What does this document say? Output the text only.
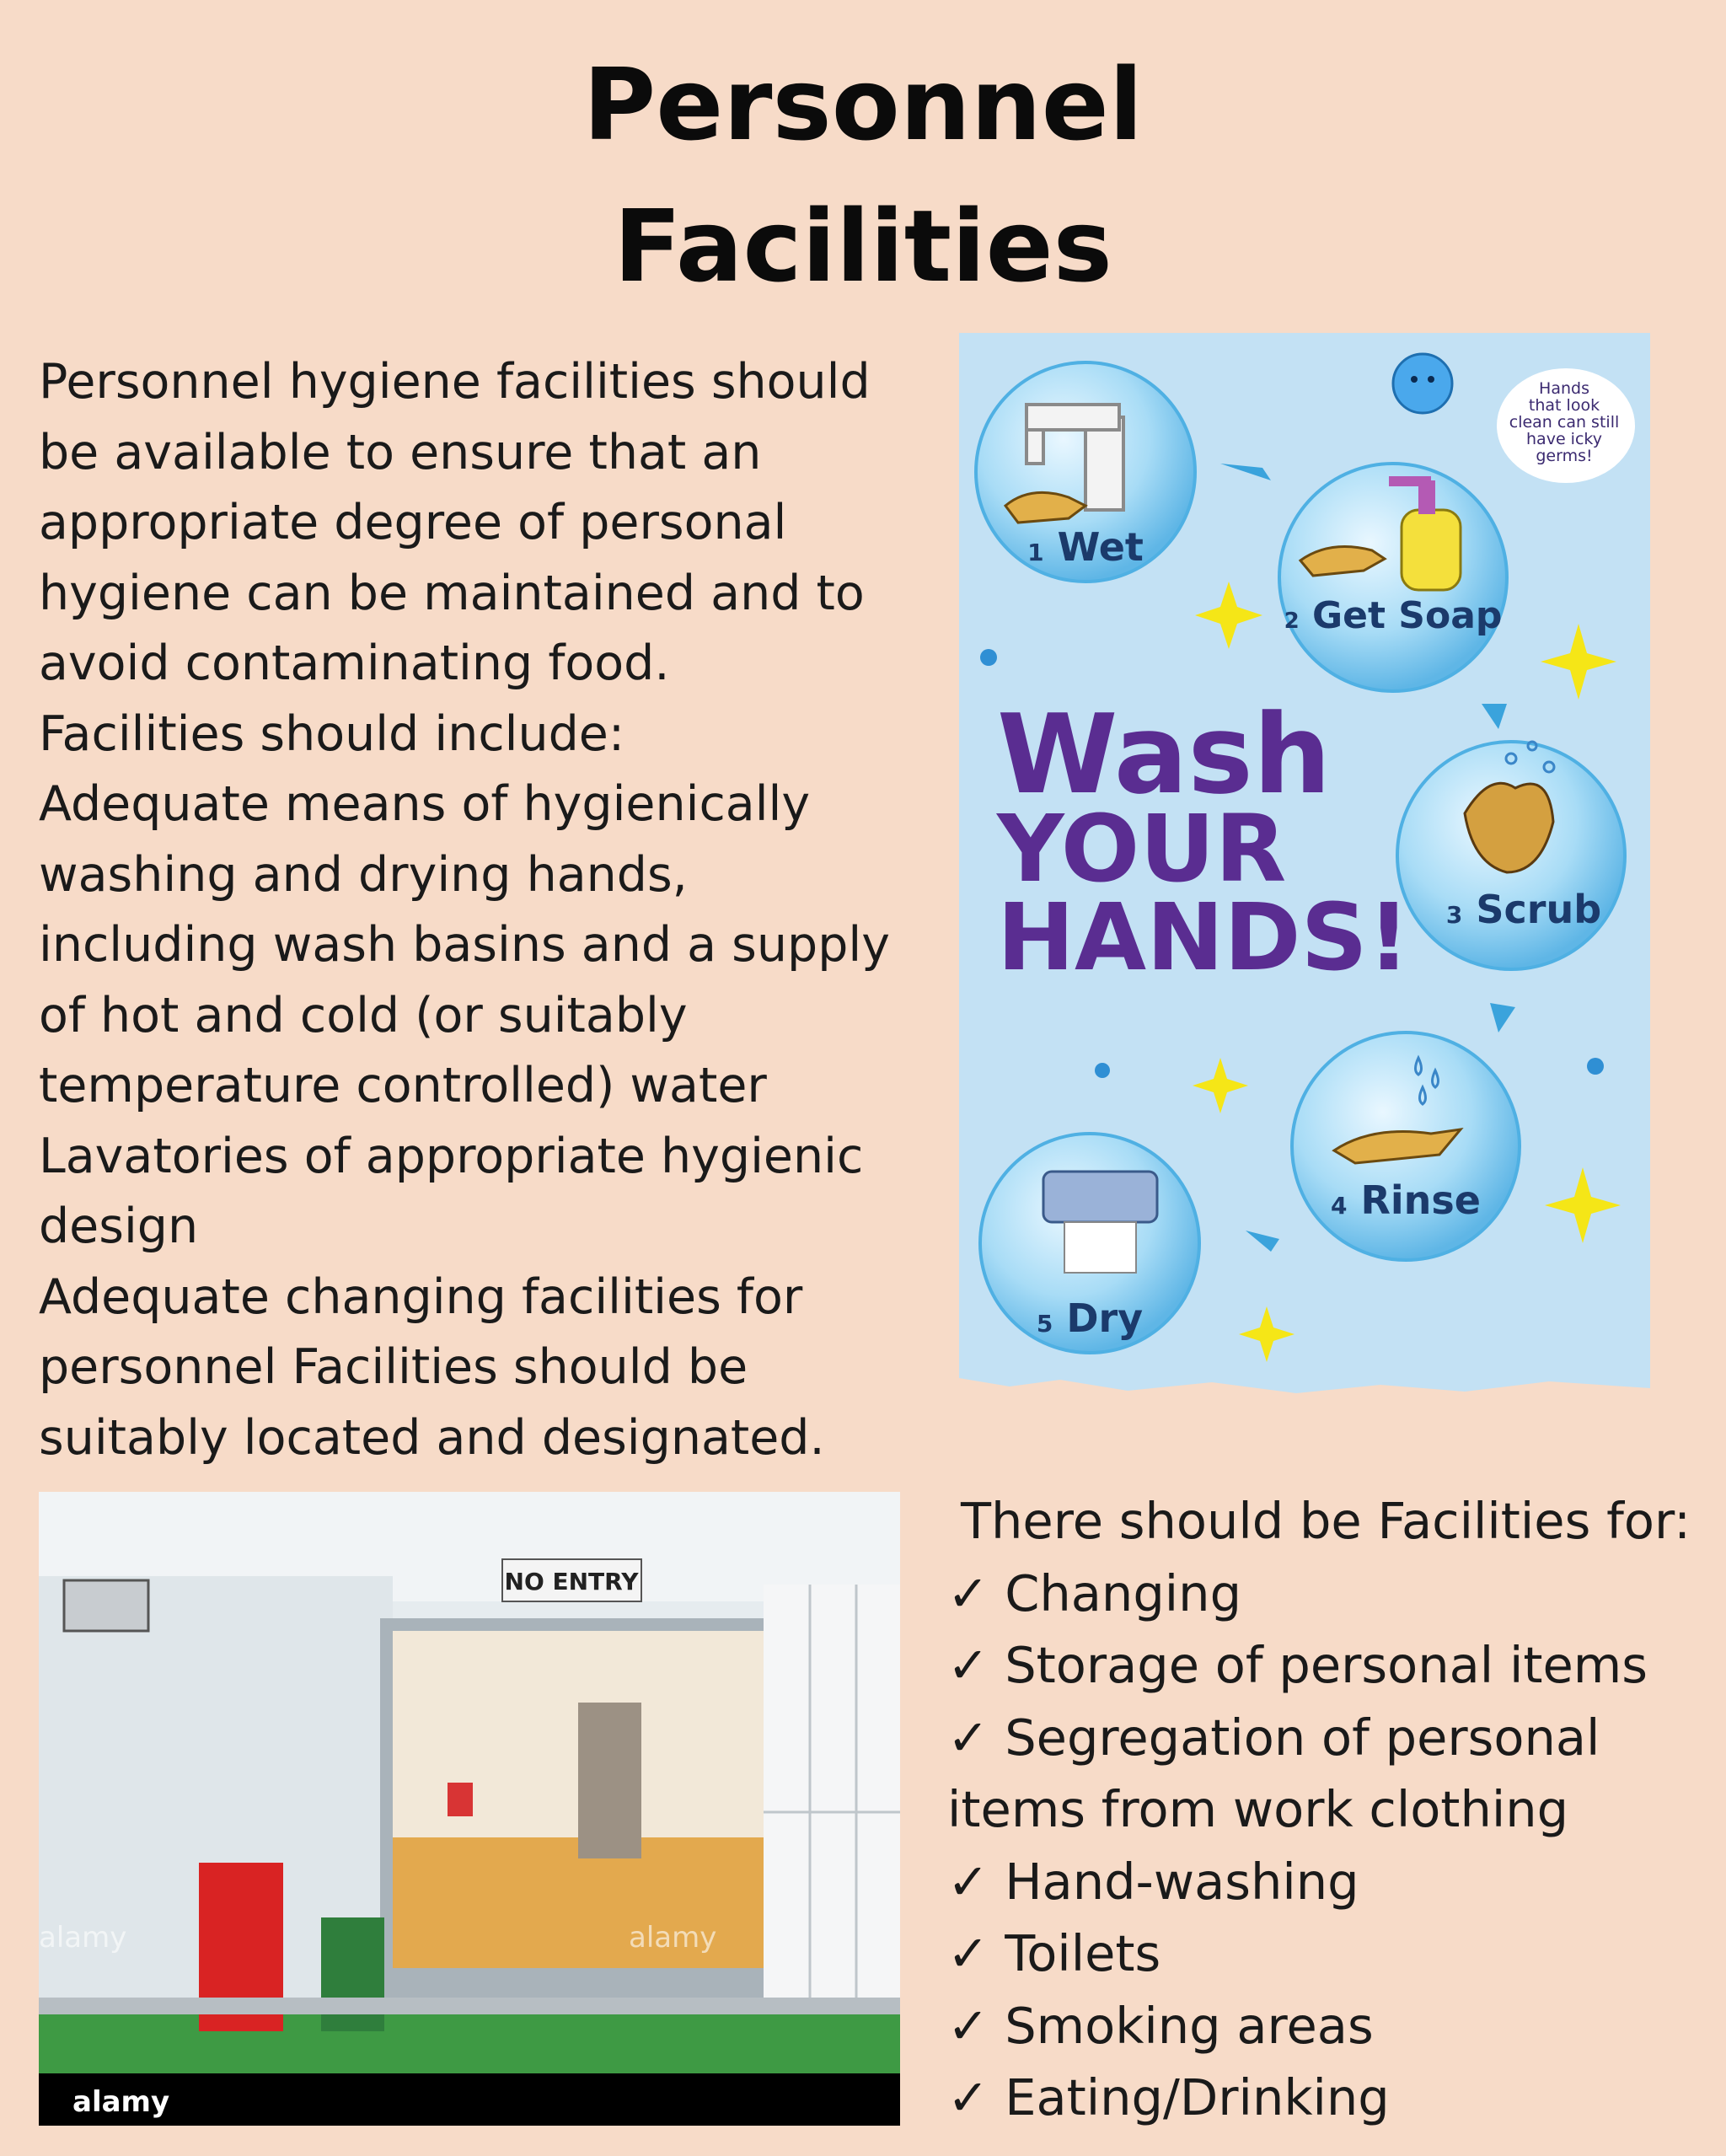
Personnel
Facilities
Personnel hygiene facilities should
be available to ensure that an
appropriate degree of personal
hygiene can be maintained and to
avoid contaminating food.
Facilities should include:
Adequate means of hygienically
washing and drying hands,
including wash basins and a supply
of hot and cold (or suitably
temperature controlled) water
Lavatories of appropriate hygienic
design
Adequate changing facilities for
personnel Facilities should be
suitably located and designated.
1 Wet
2 Get Soap
3 Scrub
4 Rinse
5 Dry
Wash
YOUR
HANDS!
Hands
that look
clean can still
have icky
germs!
NO ENTRY
alamy	alamy
alamy
There should be Facilities for:
✓ Changing
✓ Storage of personal items
✓ Segregation of personal
items from work clothing
✓ Hand-washing
✓ Toilets
✓ Smoking areas
✓ Eating/Drinking
